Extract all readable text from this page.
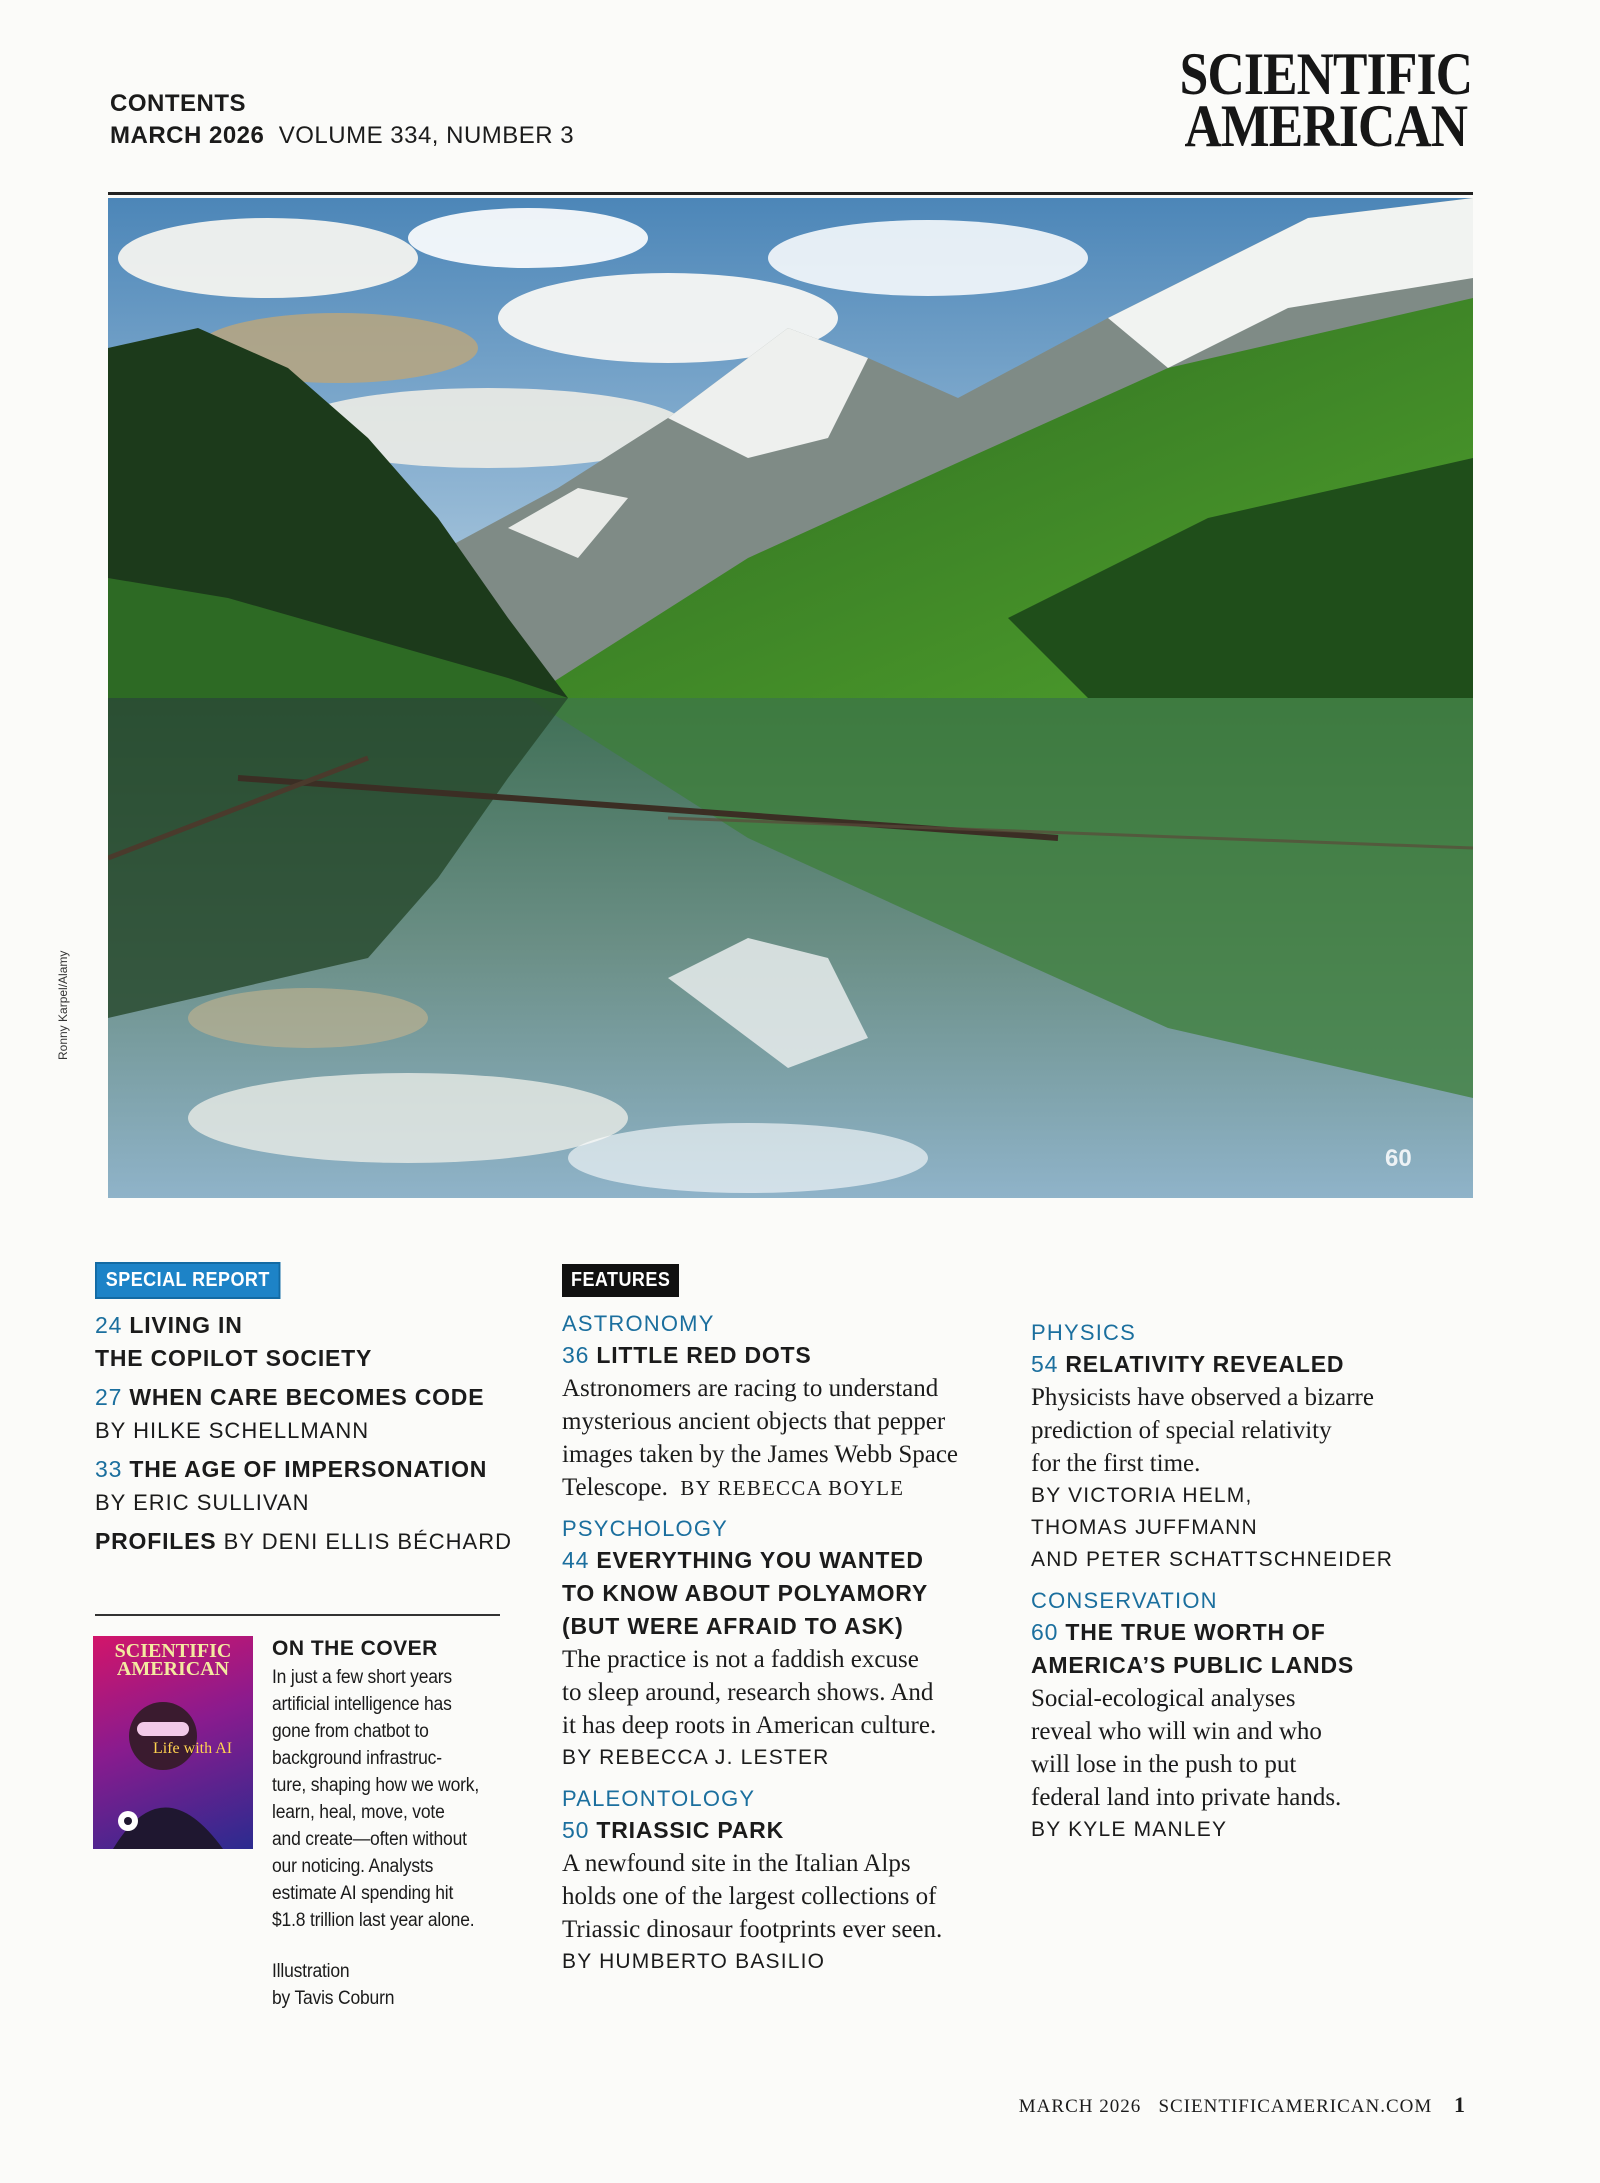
CONTENTS
MARCH 2026 VOLUME 334, NUMBER 3
SCIENTIFIC
AMERICAN
Ronny Karpel/Alamy
60
SPECIAL REPORT
24 LIVING IN
THE COPILOT SOCIETY
27 WHEN CARE BECOMES CODE
BY HILKE SCHELLMANN
33 THE AGE OF IMPERSONATION
BY ERIC SULLIVAN
PROFILES BY DENI ELLIS BÉCHARD
SCIENTIFIC
AMERICAN
Life with AI
ON THE COVER
In just a few short years
artificial intelligence has
gone from chatbot to
background infrastruc-
ture, shaping how we work,
learn, heal, move, vote
and create—often without
our noticing. Analysts
estimate AI spending hit
$1.8 trillion last year alone.
Illustration
by Tavis Coburn
FEATURES
ASTRONOMY
36 LITTLE RED DOTS
Astronomers are racing to understand
mysterious ancient objects that pepper
images taken by the James Webb Space
Telescope. BY REBECCA BOYLE
PSYCHOLOGY
44 EVERYTHING YOU WANTED
TO KNOW ABOUT POLYAMORY
(BUT WERE AFRAID TO ASK)
The practice is not a faddish excuse
to sleep around, research shows. And
it has deep roots in American culture.
BY REBECCA J. LESTER
PALEONTOLOGY
50 TRIASSIC PARK
A newfound site in the Italian Alps
holds one of the largest collections of
Triassic dinosaur footprints ever seen.
BY HUMBERTO BASILIO
PHYSICS
54 RELATIVITY REVEALED
Physicists have observed a bizarre
prediction of special relativity
for the first time.
BY VICTORIA HELM,
THOMAS JUFFMANN
AND PETER SCHATTSCHNEIDER
CONSERVATION
60 THE TRUE WORTH OF
AMERICA’S PUBLIC LANDS
Social-ecological analyses
reveal who will win and who
will lose in the push to put
federal land into private hands.
BY KYLE MANLEY
MARCH 2026 SCIENTIFICAMERICAN.COM 1
